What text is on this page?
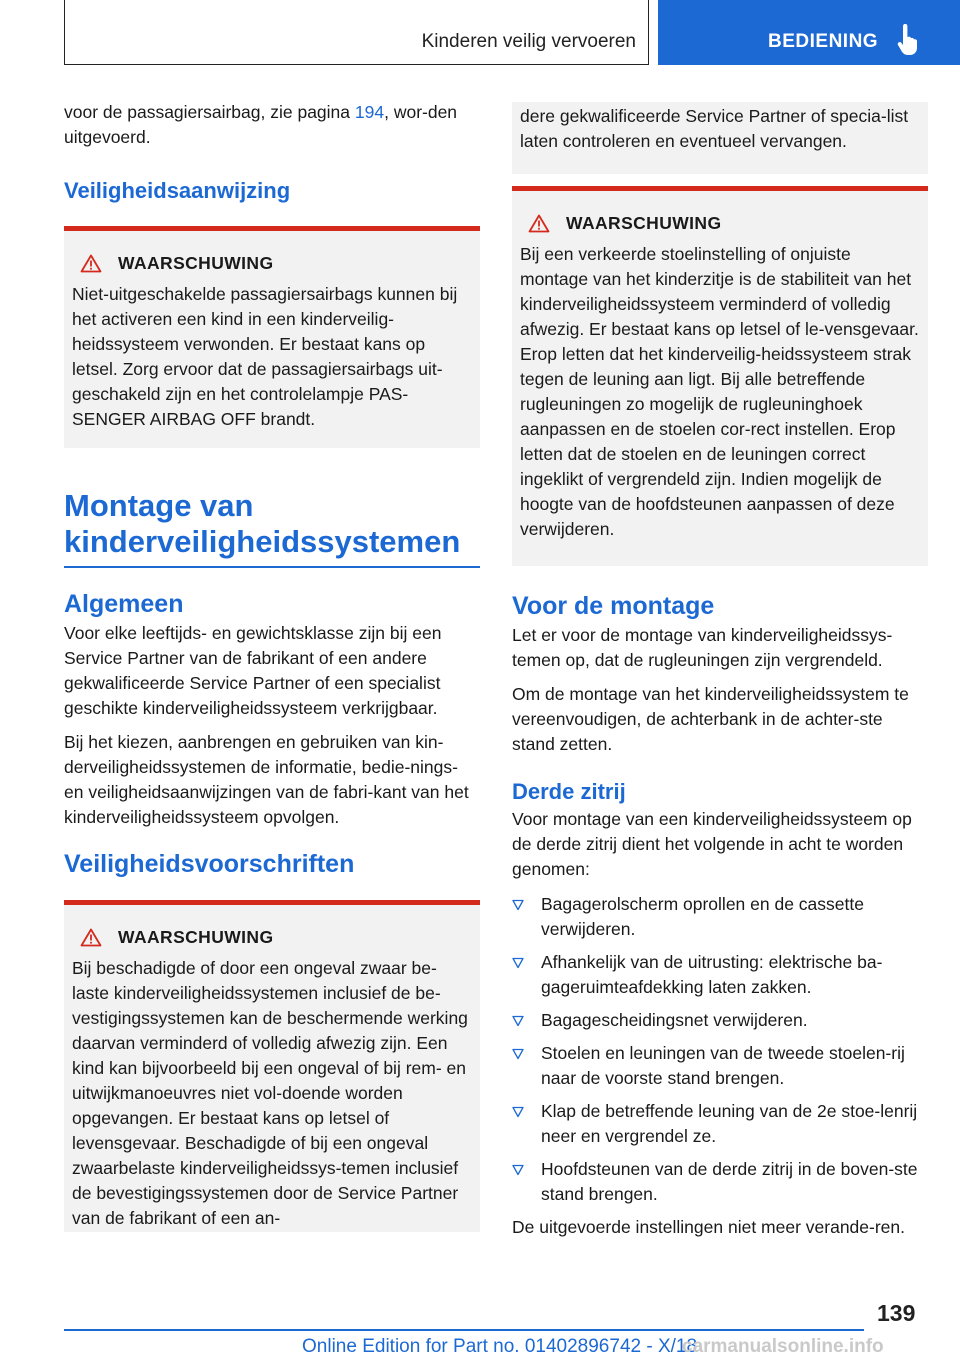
Kinderen veilig vervoeren	BEDIENING

voor de passagiersairbag, zie pagina 194, wor-den uitgevoerd.

Veiligheidsaanwijzing
WAARSCHUWING

Niet-uitgeschakelde passagiersairbags kunnen bij het activeren een kind in een kinderveilig-heidssysteem verwonden. Er bestaat kans op letsel. Zorg ervoor dat de passagiersairbags uit-geschakeld zijn en het controlelampje PAS-SENGER AIRBAG OFF brandt.

Montage van
kinderveiligheidssystemen
Algemeen

Voor elke leeftijds- en gewichtsklasse zijn bij een Service Partner van de fabrikant of een andere gekwalificeerde Service Partner of een specialist geschikte kinderveiligheidssysteem verkrijgbaar.

Bij het kiezen, aanbrengen en gebruiken van kin-derveiligheidssystemen de informatie, bedie-nings- en veiligheidsaanwijzingen van de fabri-kant van het kinderveiligheidssysteem opvolgen.

Veiligheidsvoorschriften
WAARSCHUWING

Bij beschadigde of door een ongeval zwaar be-laste kinderveiligheidssystemen inclusief de be-vestigingssystemen kan de beschermende werking daarvan verminderd of volledig afwezig zijn. Een kind kan bijvoorbeeld bij een ongeval of bij rem- en uitwijkmanoeuvres niet vol-doende worden opgevangen. Er bestaat kans op letsel of levensgevaar. Beschadigde of bij een ongeval zwaarbelaste kinderveiligheidssys-temen inclusief de bevestigingssystemen door de Service Partner van de fabrikant of een an-

dere gekwalificeerde Service Partner of specia-list laten controleren en eventueel vervangen.

WAARSCHUWING

Bij een verkeerde stoelinstelling of onjuiste montage van het kinderzitje is de stabiliteit van het kinderveiligheidssysteem verminderd of volledig afwezig. Er bestaat kans op letsel of le-vensgevaar. Erop letten dat het kinderveilig-heidssysteem strak tegen de leuning aan ligt. Bij alle betreffende rugleuningen zo mogelijk de rugleuninghoek aanpassen en de stoelen cor-rect instellen. Erop letten dat de stoelen en de leuningen correct ingeklikt of vergrendeld zijn. Indien mogelijk de hoogte van de hoofdsteunen aanpassen of deze verwijderen.

Voor de montage

Let er voor de montage van kinderveiligheidssys-temen op, dat de rugleuningen zijn vergrendeld.

Om de montage van het kinderveiligheidssystem te vereenvoudigen, de achterbank in de achter-ste stand zetten.

Derde zitrij

Voor montage van een kinderveiligheidssysteem op de derde zitrij dient het volgende in acht te worden genomen:

Bagagerolscherm oprollen en de cassette verwijderen.
Afhankelijk van de uitrusting: elektrische ba-gageruimteafdekking laten zakken.
Bagagescheidingsnet verwijderen.
Stoelen en leuningen van de tweede stoelen-rij naar de voorste stand brengen.
Klap de betreffende leuning van de 2e stoe-lenrij neer en vergrendel ze.
Hoofdsteunen van de derde zitrij in de boven-ste stand brengen.

De uitgevoerde instellingen niet meer verande-ren.

139
Online Edition for Part no. 01402896742 - X/18
carmanualsonline.info
